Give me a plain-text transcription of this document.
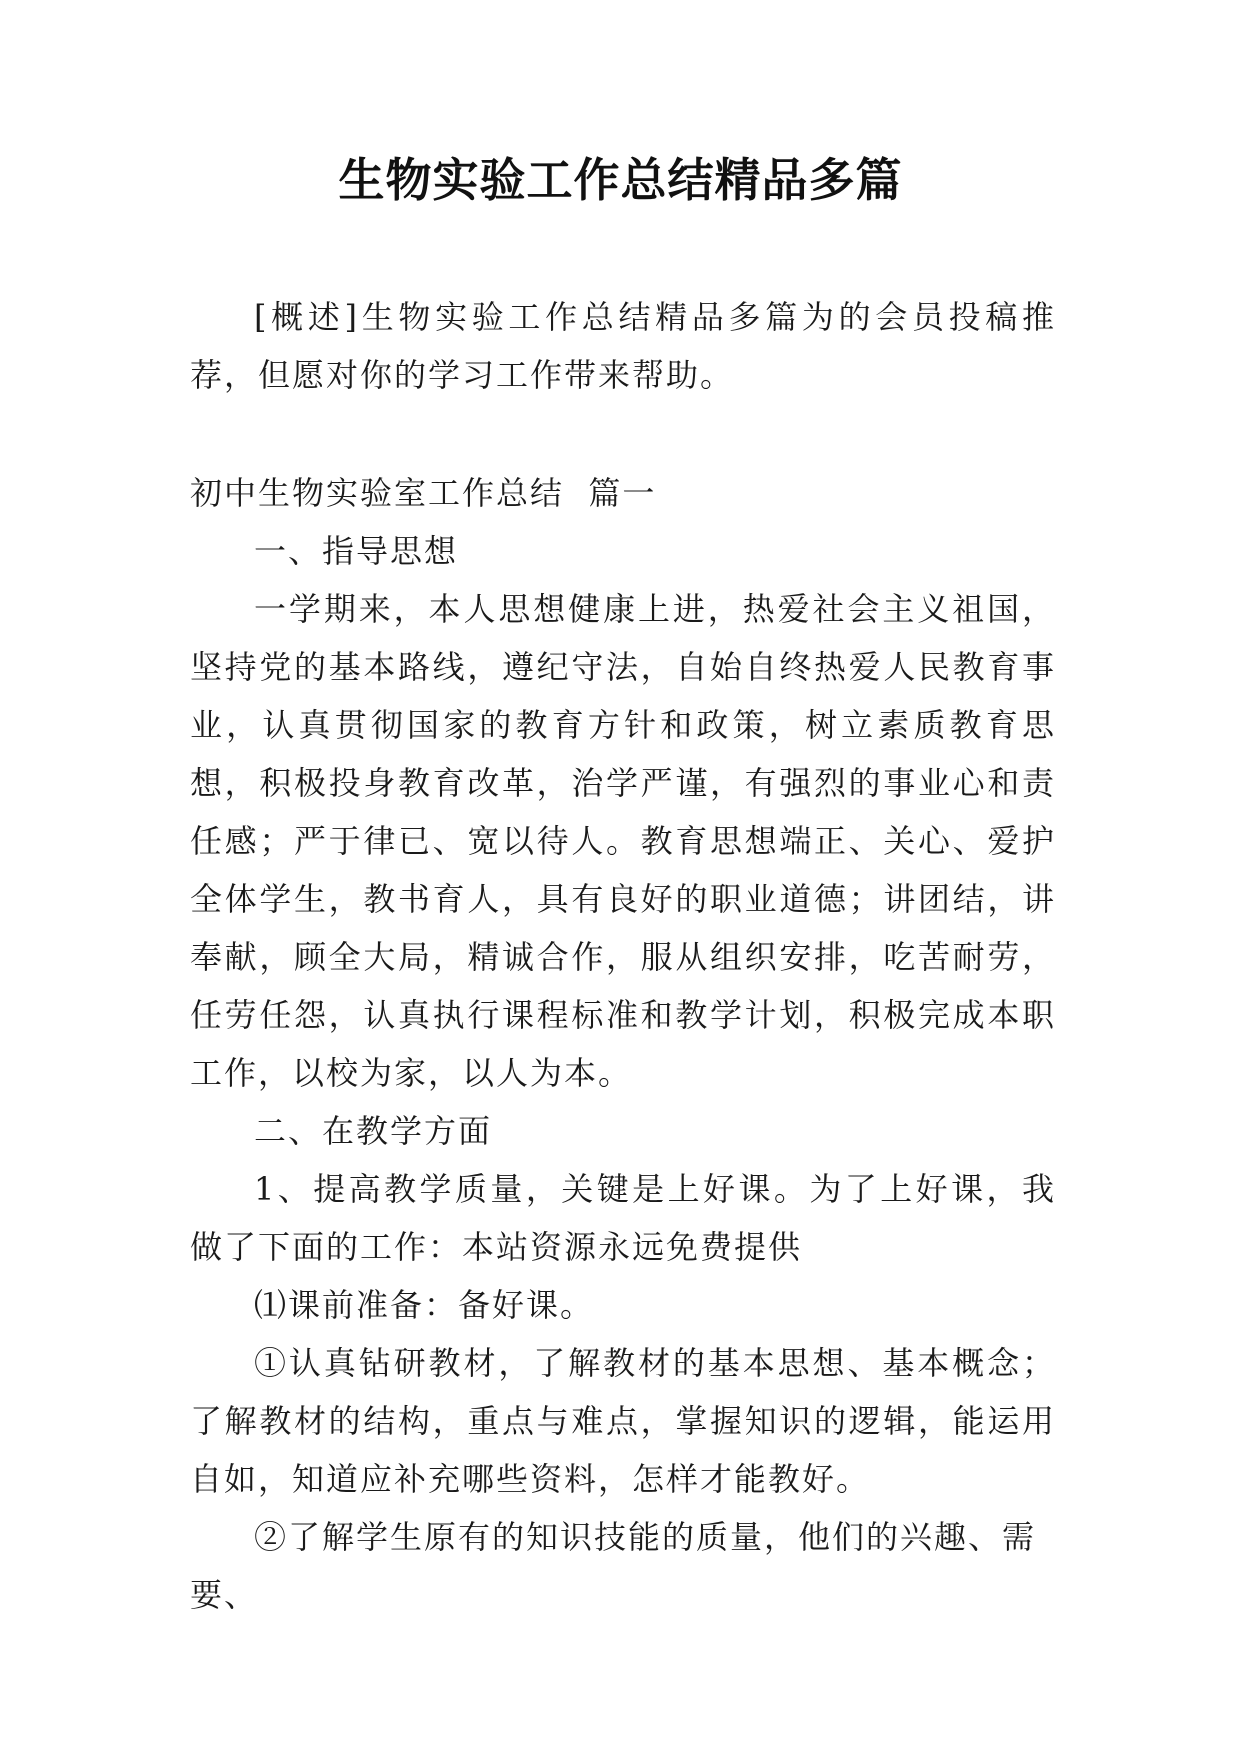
生物实验工作总结精品多篇

[概述]生物实验工作总结精品多篇为的会员投稿推荐，但愿对你的学习工作带来帮助。

初中生物实验室工作总结  篇一

一、指导思想

一学期来，本人思想健康上进，热爱社会主义祖国，坚持党的基本路线，遵纪守法，自始自终热爱人民教育事业，认真贯彻国家的教育方针和政策，树立素质教育思想，积极投身教育改革，治学严谨，有强烈的事业心和责任感；严于律已、宽以待人。教育思想端正、关心、爱护全体学生，教书育人，具有良好的职业道德；讲团结，讲奉献，顾全大局，精诚合作，服从组织安排，吃苦耐劳，任劳任怨，认真执行课程标准和教学计划，积极完成本职工作，以校为家，以人为本。

二、在教学方面

1、提高教学质量，关键是上好课。为了上好课，我做了下面的工作：本站资源永远免费提供

⑴课前准备：备好课。

①认真钻研教材，了解教材的基本思想、基本概念；了解教材的结构，重点与难点，掌握知识的逻辑，能运用自如，知道应补充哪些资料，怎样才能教好。

②了解学生原有的知识技能的质量，他们的兴趣、需要、
